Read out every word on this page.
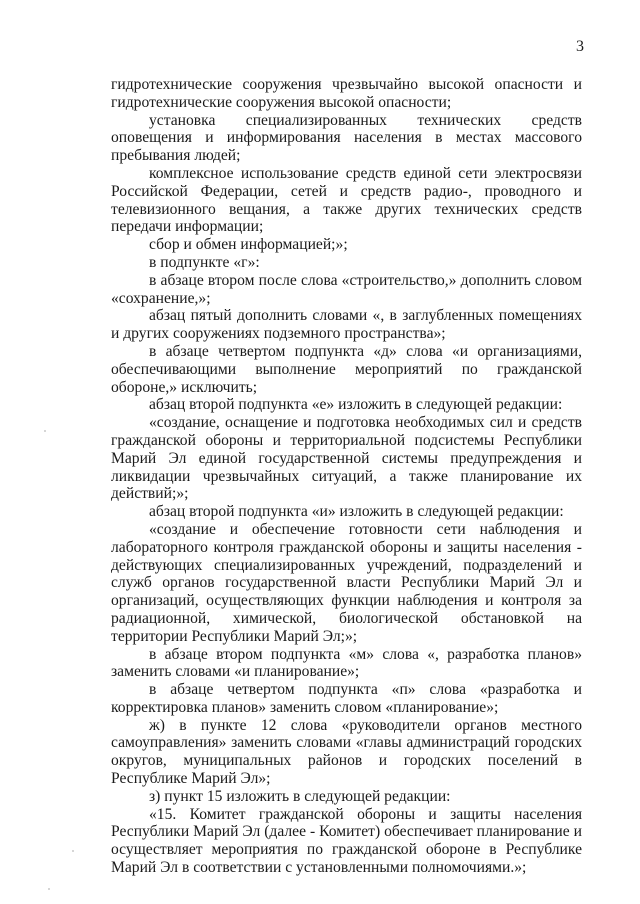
3

гидротехнические сооружения чрезвычайно высокой опасности и гидротехнические сооружения высокой опасности;

установка специализированных технических средств оповещения и информирования населения в местах массового пребывания людей;

комплексное использование средств единой сети электросвязи Российской Федерации, сетей и средств радио-, проводного и телевизионного вещания, а также других технических средств передачи информации;

сбор и обмен информацией;»;

в подпункте «г»:

в абзаце втором после слова «строительство,» дополнить словом «сохранение,»;

абзац пятый дополнить словами «, в заглубленных помещениях и других сооружениях подземного пространства»;

в абзаце четвертом подпункта «д» слова «и организациями, обеспечивающими выполнение мероприятий по гражданской обороне,» исключить;

абзац второй подпункта «е» изложить в следующей редакции:

«создание, оснащение и подготовка необходимых сил и средств гражданской обороны и территориальной подсистемы Республики Марий Эл единой государственной системы предупреждения и ликвидации чрезвычайных ситуаций, а также планирование их действий;»;

абзац второй подпункта «и» изложить в следующей редакции:

«создание и обеспечение готовности сети наблюдения и лабораторного контроля гражданской обороны и защиты населения - действующих специализированных учреждений, подразделений и служб органов государственной власти Республики Марий Эл и организаций, осуществляющих функции наблюдения и контроля за радиационной, химической, биологической обстановкой на территории Республики Марий Эл;»;

в абзаце втором подпункта «м» слова «, разработка планов» заменить словами «и планирование»;

в абзаце четвертом подпункта «п» слова «разработка и корректировка планов» заменить словом «планирование»;

ж) в пункте 12 слова «руководители органов местного самоуправления» заменить словами «главы администраций городских округов, муниципальных районов и городских поселений в Республике Марий Эл»;

з) пункт 15 изложить в следующей редакции:

«15. Комитет гражданской обороны и защиты населения Республики Марий Эл (далее - Комитет) обеспечивает планирование и осуществляет мероприятия по гражданской обороне в Республике Марий Эл в соответствии с установленными полномочиями.»;
